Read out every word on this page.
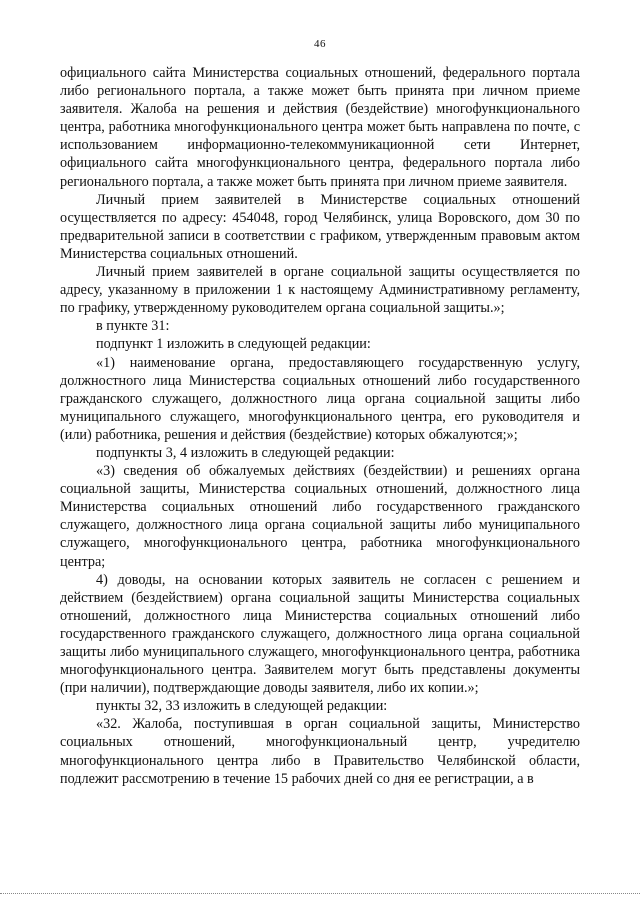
46

официального сайта Министерства социальных отношений, федерального портала либо регионального портала, а также может быть принята при личном приеме заявителя. Жалоба на решения и действия (бездействие) многофункционального центра, работника многофункционального центра может быть направлена по почте, с использованием информационно-телекоммуникационной сети Интернет, официального сайта многофункционального центра, федерального портала либо регионального портала, а также может быть принята при личном приеме заявителя.

Личный прием заявителей в Министерстве социальных отношений осуществляется по адресу: 454048, город Челябинск, улица Воровского, дом 30 по предварительной записи в соответствии с графиком, утвержденным правовым актом Министерства социальных отношений.

Личный прием заявителей в органе социальной защиты осуществляется по адресу, указанному в приложении 1 к настоящему Административному регламенту, по графику, утвержденному руководителем органа социальной защиты.»;

в пункте 31:

подпункт 1 изложить в следующей редакции:

«1) наименование органа, предоставляющего государственную услугу, должностного лица Министерства социальных отношений либо государственного гражданского служащего, должностного лица органа социальной защиты либо муниципального служащего, многофункционального центра, его руководителя и (или) работника, решения и действия (бездействие) которых обжалуются;»;

подпункты 3, 4 изложить в следующей редакции:

«3) сведения об обжалуемых действиях (бездействии) и решениях органа социальной защиты, Министерства социальных отношений, должностного лица Министерства социальных отношений либо государственного гражданского служащего, должностного лица органа социальной защиты либо муниципального служащего, многофункционального центра, работника многофункционального центра;

4) доводы, на основании которых заявитель не согласен с решением и действием (бездействием) органа социальной защиты Министерства социальных отношений, должностного лица Министерства социальных отношений либо государственного гражданского служащего, должностного лица органа социальной защиты либо муниципального служащего, многофункционального центра, работника многофункционального центра. Заявителем могут быть представлены документы (при наличии), подтверждающие доводы заявителя, либо их копии.»;

пункты 32, 33 изложить в следующей редакции:

«32. Жалоба, поступившая в орган социальной защиты, Министерство социальных отношений, многофункциональный центр, учредителю многофункционального центра либо в Правительство Челябинской области, подлежит рассмотрению в течение 15 рабочих дней со дня ее регистрации, а в
